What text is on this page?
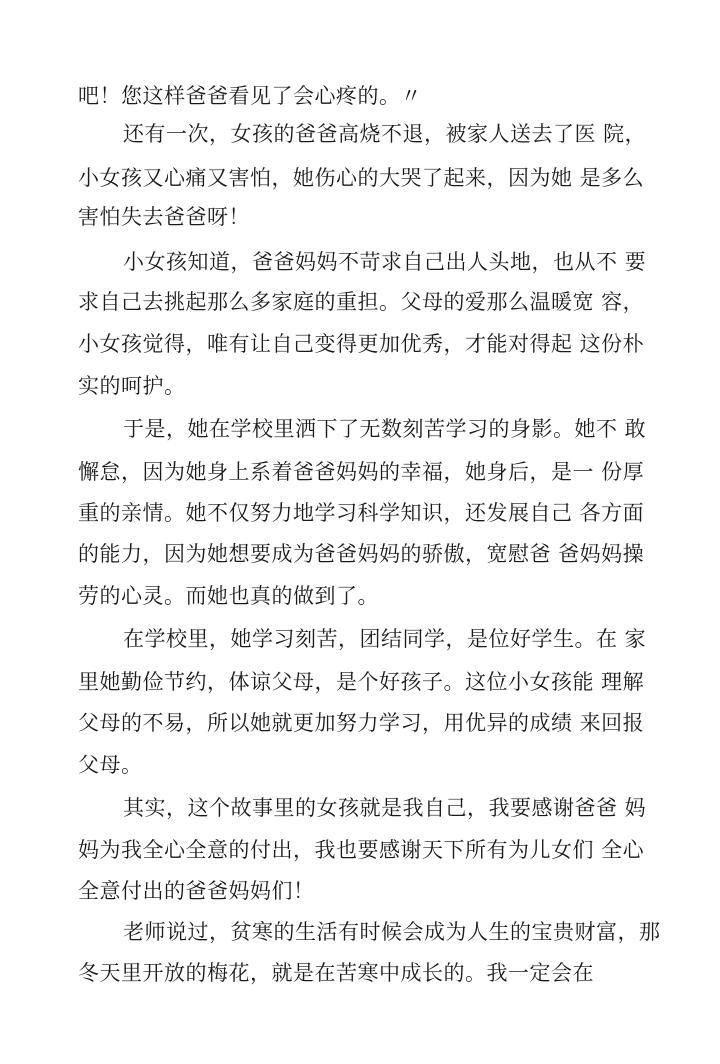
吧！您这样爸爸看见了会心疼的。〃
还有一次，女孩的爸爸高烧不退，被家人送去了医 院，
小女孩又心痛又害怕，她伤心的大哭了起来，因为她 是多么
害怕失去爸爸呀！
小女孩知道，爸爸妈妈不苛求自己出人头地，也从不 要
求自己去挑起那么多家庭的重担。父母的爱那么温暖宽 容，
小女孩觉得，唯有让自己变得更加优秀，才能对得起 这份朴
实的呵护。
于是，她在学校里洒下了无数刻苦学习的身影。她不 敢
懈怠，因为她身上系着爸爸妈妈的幸福，她身后，是一 份厚
重的亲情。她不仅努力地学习科学知识，还发展自己 各方面
的能力，因为她想要成为爸爸妈妈的骄傲，宽慰爸 爸妈妈操
劳的心灵。而她也真的做到了。
在学校里，她学习刻苦，团结同学，是位好学生。在 家
里她勤俭节约，体谅父母，是个好孩子。这位小女孩能 理解
父母的不易，所以她就更加努力学习，用优异的成绩 来回报
父母。
其实，这个故事里的女孩就是我自己，我要感谢爸爸 妈
妈为我全心全意的付出，我也要感谢天下所有为儿女们 全心
全意付出的爸爸妈妈们！
老师说过，贫寒的生活有时候会成为人生的宝贵财富，那
冬天里开放的梅花，就是在苦寒中成长的。我一定会在
